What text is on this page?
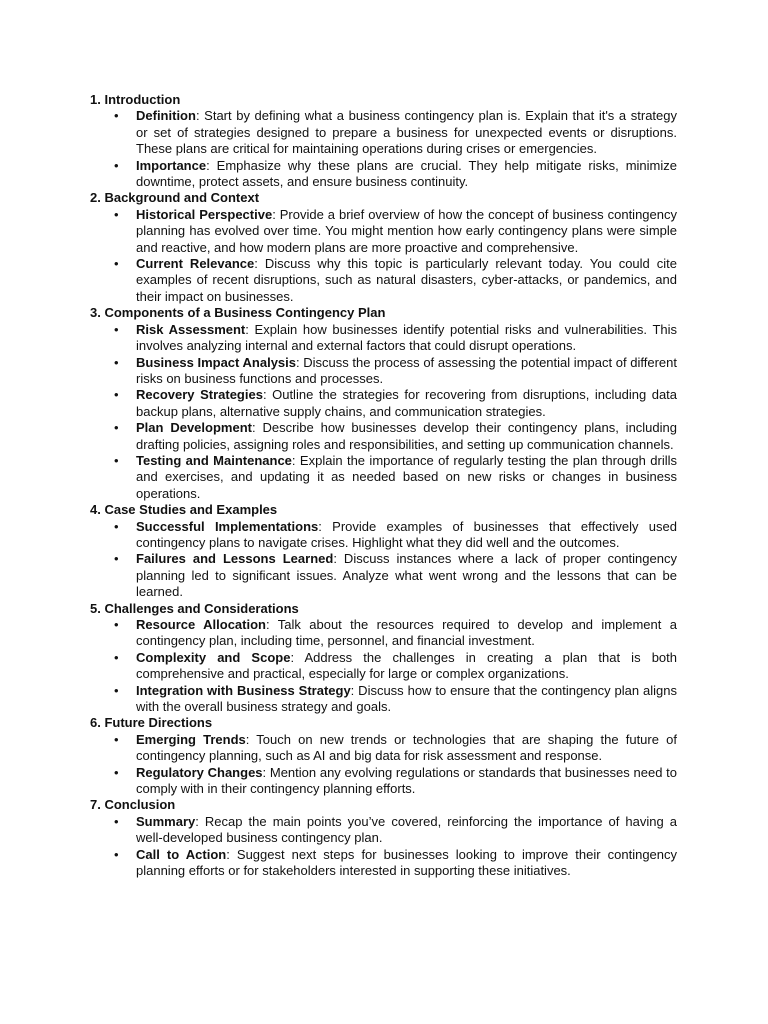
1. Introduction

• Definition: Start by defining what a business contingency plan is. Explain that it's a strategy or set of strategies designed to prepare a business for unexpected events or disruptions. These plans are critical for maintaining operations during crises or emergencies.
• Importance: Emphasize why these plans are crucial. They help mitigate risks, minimize downtime, protect assets, and ensure business continuity.

2. Background and Context

• Historical Perspective: Provide a brief overview of how the concept of business contingency planning has evolved over time. You might mention how early contingency plans were simple and reactive, and how modern plans are more proactive and comprehensive.
• Current Relevance: Discuss why this topic is particularly relevant today. You could cite examples of recent disruptions, such as natural disasters, cyber-attacks, or pandemics, and their impact on businesses.

3. Components of a Business Contingency Plan

• Risk Assessment: Explain how businesses identify potential risks and vulnerabilities. This involves analyzing internal and external factors that could disrupt operations.
• Business Impact Analysis: Discuss the process of assessing the potential impact of different risks on business functions and processes.
• Recovery Strategies: Outline the strategies for recovering from disruptions, including data backup plans, alternative supply chains, and communication strategies.
• Plan Development: Describe how businesses develop their contingency plans, including drafting policies, assigning roles and responsibilities, and setting up communication channels.
• Testing and Maintenance: Explain the importance of regularly testing the plan through drills and exercises, and updating it as needed based on new risks or changes in business operations.

4. Case Studies and Examples

• Successful Implementations: Provide examples of businesses that effectively used contingency plans to navigate crises. Highlight what they did well and the outcomes.
• Failures and Lessons Learned: Discuss instances where a lack of proper contingency planning led to significant issues. Analyze what went wrong and the lessons that can be learned.

5. Challenges and Considerations

• Resource Allocation: Talk about the resources required to develop and implement a contingency plan, including time, personnel, and financial investment.
• Complexity and Scope: Address the challenges in creating a plan that is both comprehensive and practical, especially for large or complex organizations.
• Integration with Business Strategy: Discuss how to ensure that the contingency plan aligns with the overall business strategy and goals.

6. Future Directions

• Emerging Trends: Touch on new trends or technologies that are shaping the future of contingency planning, such as AI and big data for risk assessment and response.
• Regulatory Changes: Mention any evolving regulations or standards that businesses need to comply with in their contingency planning efforts.

7. Conclusion

• Summary: Recap the main points you’ve covered, reinforcing the importance of having a well-developed business contingency plan.
• Call to Action: Suggest next steps for businesses looking to improve their contingency planning efforts or for stakeholders interested in supporting these initiatives.
